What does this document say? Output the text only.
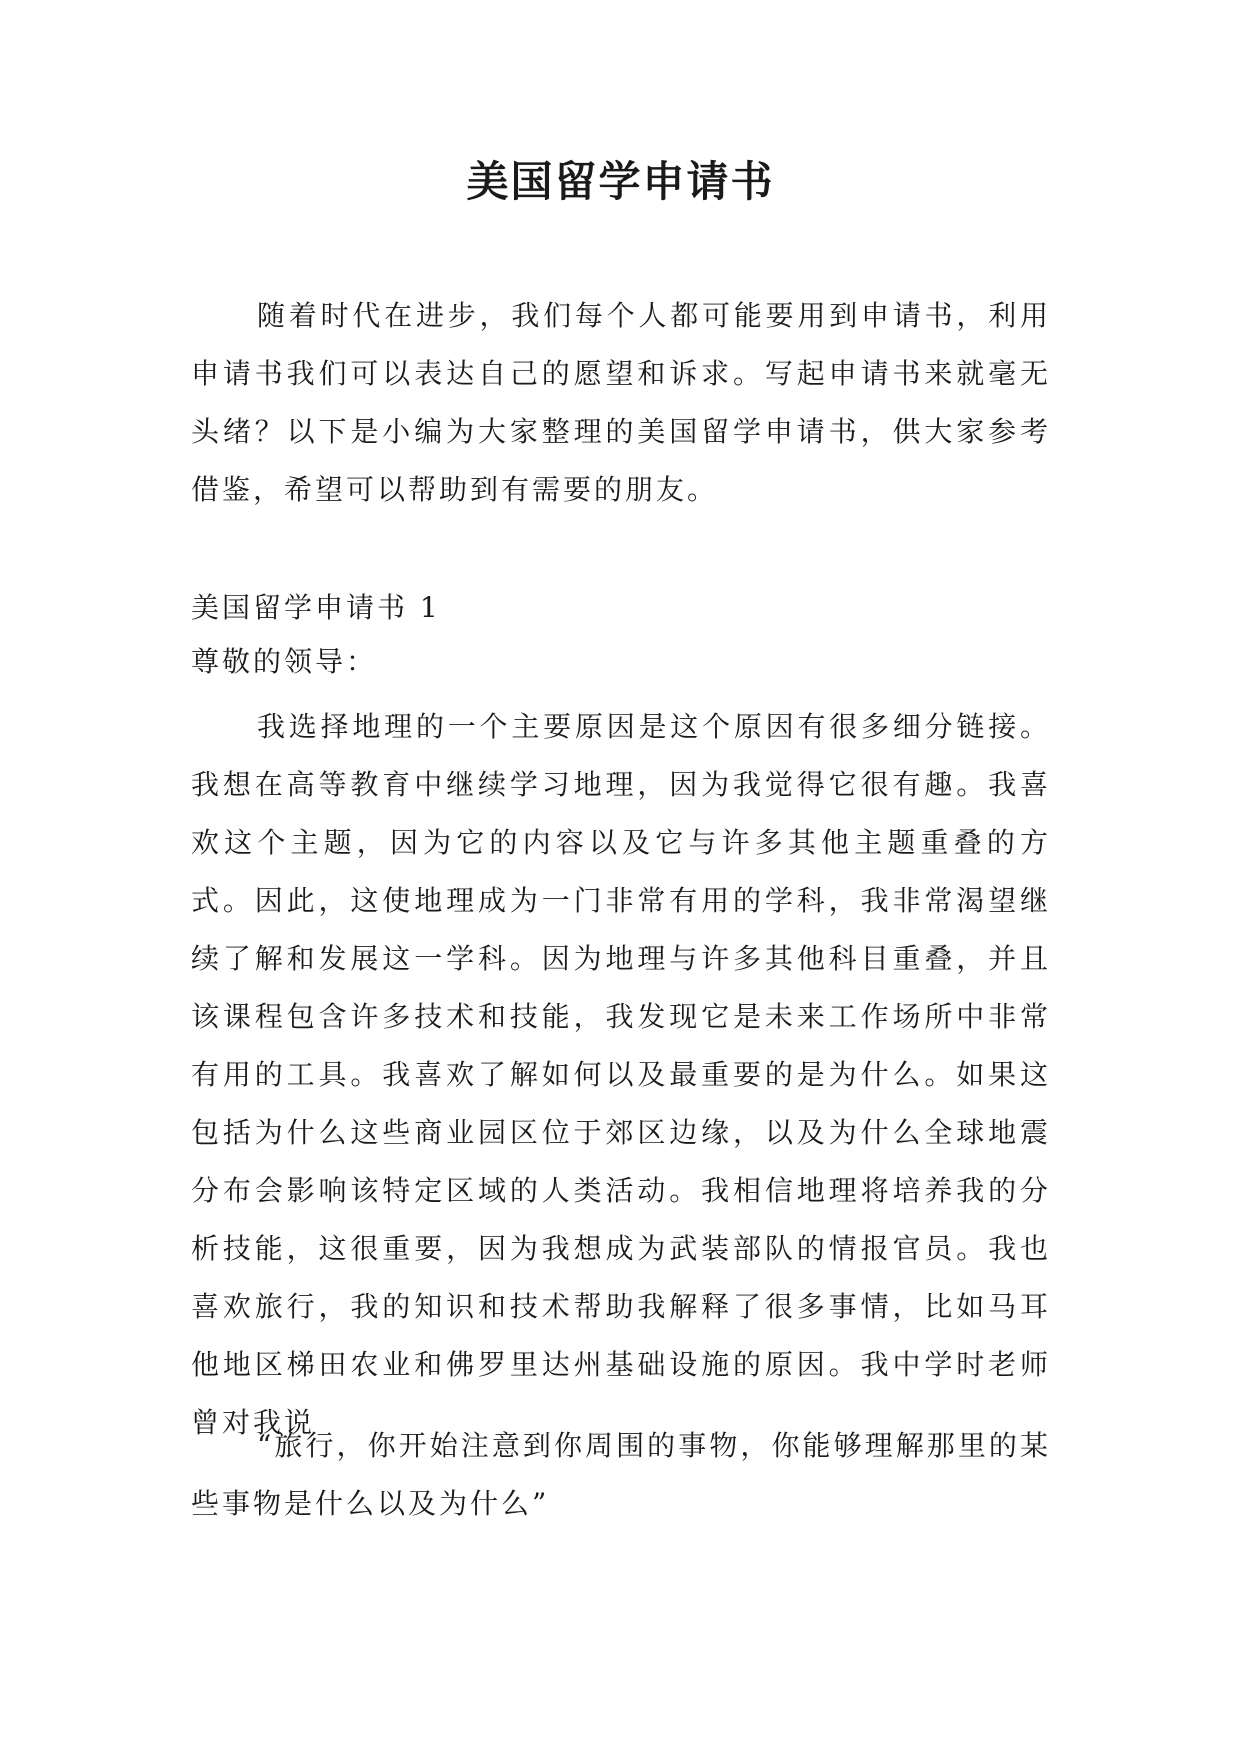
美国留学申请书

随着时代在进步，我们每个人都可能要用到申请书，利用申请书我们可以表达自己的愿望和诉求。写起申请书来就毫无头绪？以下是小编为大家整理的美国留学申请书，供大家参考借鉴，希望可以帮助到有需要的朋友。

美国留学申请书 1

尊敬的领导：

我选择地理的一个主要原因是这个原因有很多细分链接。我想在高等教育中继续学习地理，因为我觉得它很有趣。我喜欢这个主题，因为它的内容以及它与许多其他主题重叠的方式。因此，这使地理成为一门非常有用的学科，我非常渴望继续了解和发展这一学科。因为地理与许多其他科目重叠，并且该课程包含许多技术和技能，我发现它是未来工作场所中非常有用的工具。我喜欢了解如何以及最重要的是为什么。如果这包括为什么这些商业园区位于郊区边缘，以及为什么全球地震分布会影响该特定区域的人类活动。我相信地理将培养我的分析技能，这很重要，因为我想成为武装部队的情报官员。我也喜欢旅行，我的知识和技术帮助我解释了很多事情，比如马耳他地区梯田农业和佛罗里达州基础设施的原因。我中学时老师曾对我说

“旅行，你开始注意到你周围的事物，你能够理解那里的某些事物是什么以及为什么”
